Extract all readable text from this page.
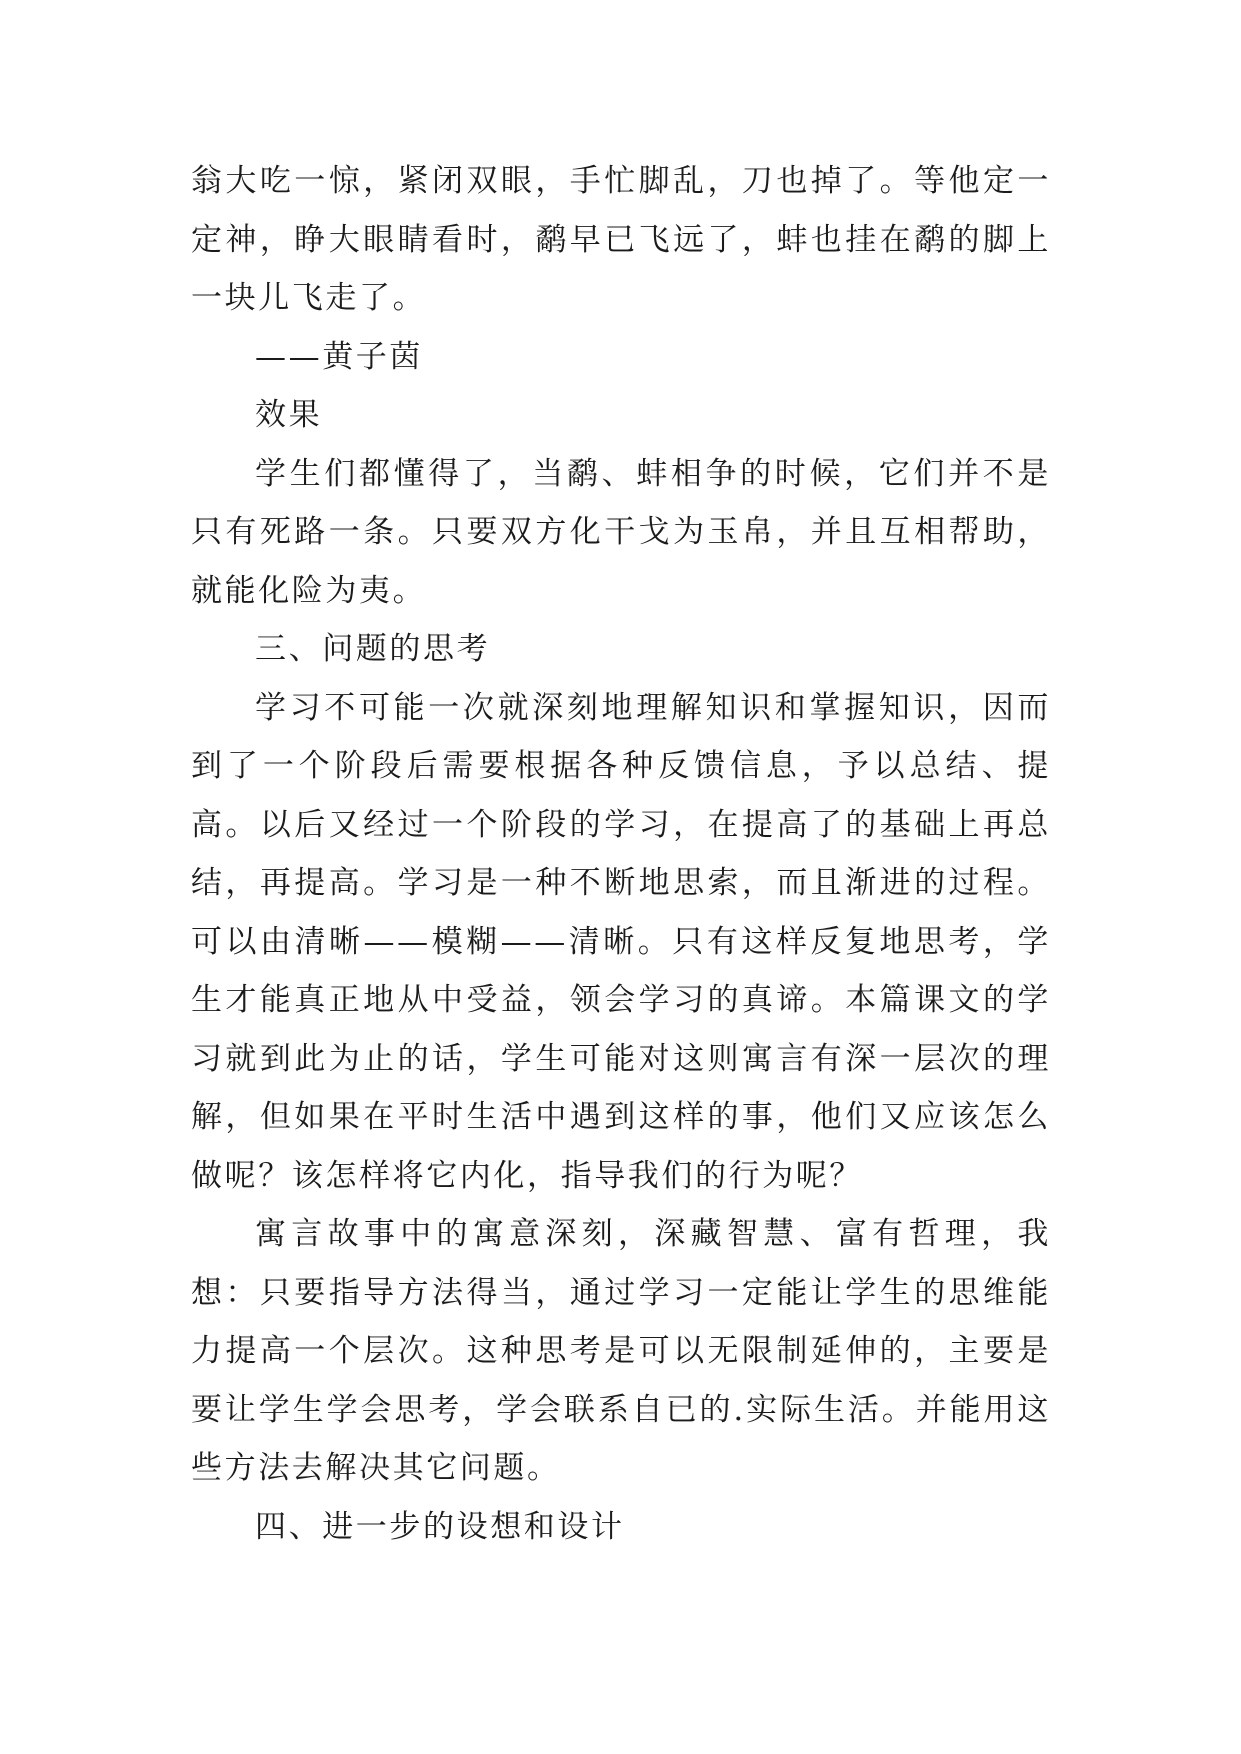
翁大吃一惊，紧闭双眼，手忙脚乱，刀也掉了。等他定一定神，睁大眼睛看时，鹬早已飞远了，蚌也挂在鹬的脚上一块儿飞走了。

——黄子茵

效果

学生们都懂得了，当鹬、蚌相争的时候，它们并不是只有死路一条。只要双方化干戈为玉帛，并且互相帮助，就能化险为夷。

三、问题的思考

学习不可能一次就深刻地理解知识和掌握知识，因而到了一个阶段后需要根据各种反馈信息，予以总结、提高。以后又经过一个阶段的学习，在提高了的基础上再总结，再提高。学习是一种不断地思索，而且渐进的过程。可以由清晰——模糊——清晰。只有这样反复地思考，学生才能真正地从中受益，领会学习的真谛。本篇课文的学习就到此为止的话，学生可能对这则寓言有深一层次的理解，但如果在平时生活中遇到这样的事，他们又应该怎么做呢？该怎样将它内化，指导我们的行为呢？

寓言故事中的寓意深刻，深藏智慧、富有哲理，我想：只要指导方法得当，通过学习一定能让学生的思维能力提高一个层次。这种思考是可以无限制延伸的，主要是要让学生学会思考，学会联系自已的.实际生活。并能用这些方法去解决其它问题。

四、进一步的设想和设计
